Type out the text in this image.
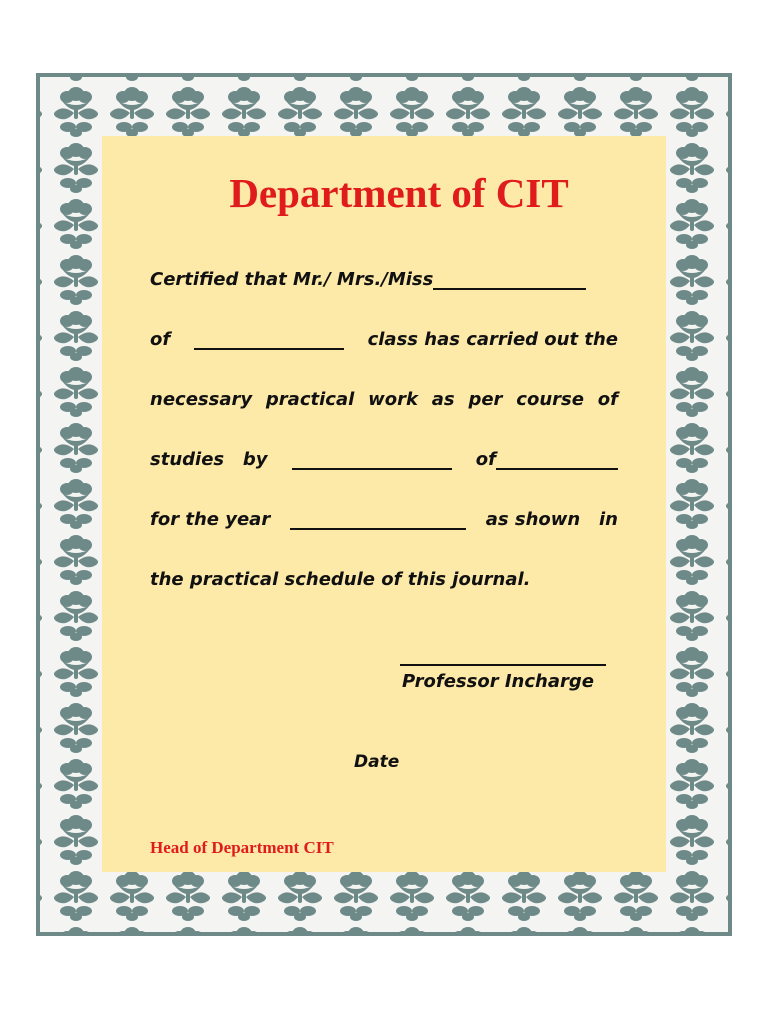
Department of CIT
Certified that Mr./ Mrs./Miss
of	class has carried out the
necessary practical work as per course of
studies   by	of
for the year	as shown   in
the practical schedule of this journal.
Professor Incharge
Date
Head of Department CIT
